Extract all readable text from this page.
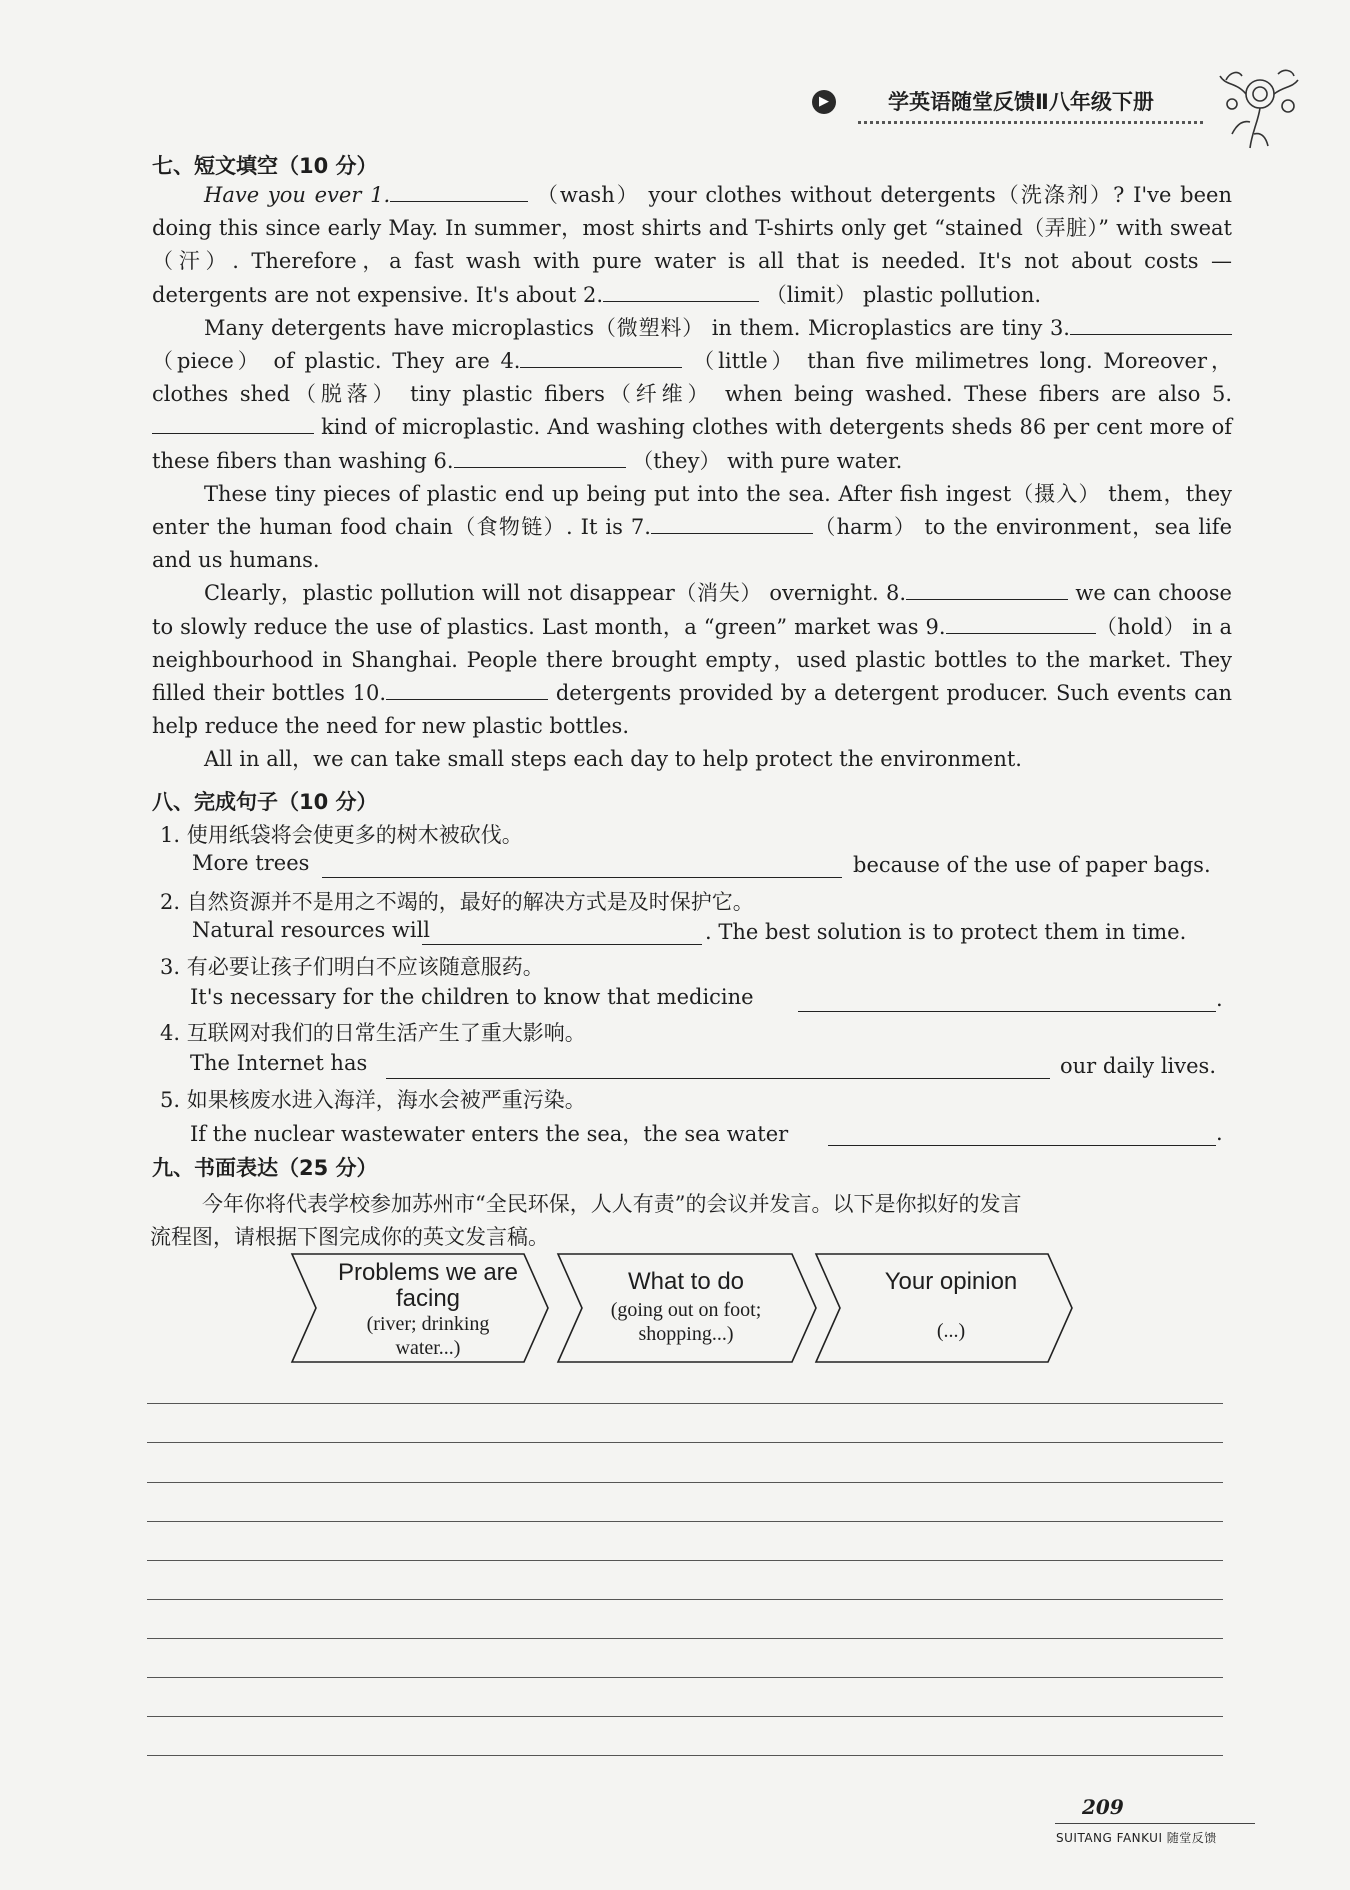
▶	学英语随堂反馈Ⅱ八年级下册
七、短文填空（10 分）

Have you ever 1.	（wash） your clothes without detergents（洗涤剂）? I've been doing this since early May. In summer，most shirts and T-shirts only get “stained（弄脏）” with sweat（汗）. Therefore，a fast wash with pure water is all that is needed. It's not about costs — detergents are not expensive. It's about 2.	（limit） plastic pollution.

Many detergents have microplastics（微塑料） in them. Microplastics are tiny 3. （piece） of plastic. They are 4.	（little） than five milimetres long. Moreover，clothes shed（脱落） tiny plastic fibers（纤维） when being washed. These fibers are also 5. kind of microplastic. And washing clothes with detergents sheds 86 per cent more of these fibers than washing 6.	（they） with pure water.

These tiny pieces of plastic end up being put into the sea. After fish ingest（摄入） them，they enter the human food chain（食物链）. It is 7.	（harm） to the environment，sea life and us humans.

Clearly，plastic pollution will not disappear（消失） overnight. 8.	we can choose to slowly reduce the use of plastics. Last month，a “green” market was 9.	（hold） in a neighbourhood in Shanghai. People there brought empty，used plastic bottles to the market. They filled their bottles 10.	detergents provided by a detergent producer. Such events can help reduce the need for new plastic bottles.

All in all，we can take small steps each day to help protect the environment.

八、完成句子（10 分）
1. 使用纸袋将会使更多的树木被砍伐。
More trees	because of the use of paper bags.
2. 自然资源并不是用之不竭的，最好的解决方式是及时保护它。
Natural resources will	. The best solution is to protect them in time.
3. 有必要让孩子们明白不应该随意服药。
It's necessary for the children to know that medicine	.
4. 互联网对我们的日常生活产生了重大影响。
The Internet has	our daily lives.
5. 如果核废水进入海洋，海水会被严重污染。
If the nuclear wastewater enters the sea，the sea water	.
九、书面表达（25 分）
今年你将代表学校参加苏州市“全民环保，人人有责”的会议并发言。以下是你拟好的发言
流程图，请根据下图完成你的英文发言稿。
Problems we are
facing
(river; drinking
water...)
What to do
(going out on foot;
shopping...)
Your opinion
(...)
209
SUITANG FANKUI 随堂反馈
